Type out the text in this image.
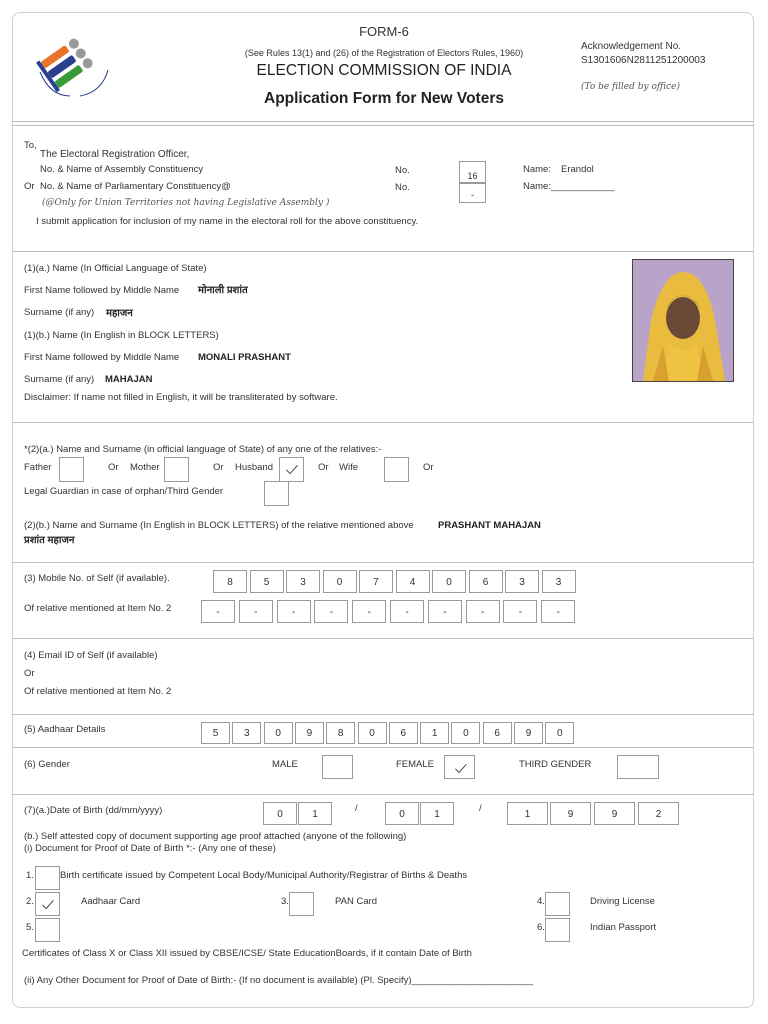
FORM-6
(See Rules 13(1) and (26) of the Registration of Electors Rules, 1960)
ELECTION COMMISSION OF INDIA
Application Form for New Voters
Acknowledgement No.
S1301606N2811251200003
(To be filled by office)
To,
The Electoral Registration Officer,
No. & Name of Assembly Constituency
Or No. & Name of Parliamentary Constituency@
No.
No.
16
-
Name: Erandol
Name:____________
(@Only for Union Territories not having Legislative Assembly )
I submit application for inclusion of my name in the electoral roll for the above constituency.
(1)(a.) Name (In Official Language of State)
First Name followed by Middle Name मोनाली प्रशांत
Surname (if any) महाजन
(1)(b.) Name (In English in BLOCK LETTERS)
First Name followed by Middle Name MONALI PRASHANT
Surname (if any) MAHAJAN
Disclaimer: If name not filled in English, it will be transliterated by software.
*(2)(a.) Name and Surname (in official language of State) of any one of the relatives:-
Father	Or Mother	Or Husband	Or Wife	Or
Legal Guardian in case of orphan/Third Gender
(2)(b.) Name and Surname (In English in BLOCK LETTERS) of the relative mentioned above	PRASHANT MAHAJAN
प्रशांत महाजन
(3) Mobile No. of Self (if available).	8	5	3	0	7	4	0	6	3	3
Of relative mentioned at Item No. 2	-	-	-	-	-	-	-	-	-	-
(4) Email ID of Self (if available)
Or
Of relative mentioned at Item No. 2
(5) Aadhaar Details	5	3	0	9	8	0	6	1	0	6	9	0
(6) Gender	MALE	FEMALE	THIRD GENDER
(7)(a.)Date of Birth (dd/mm/yyyy)	0	1	0	1	1	9	9	2
/	/
(b.) Self attested copy of document supporting age proof attached (anyone of the following)
(i) Document for Proof of Date of Birth *:- (Any one of these)
1.	Birth certificate issued by Competent Local Body/Municipal Authority/Registrar of Births & Deaths
2.	Aadhaar Card	3.	PAN Card	4.	Driving License
5.	6.	Indian Passport
Certificates of Class X or Class XII issued by CBSE/ICSE/ State EducationBoards, if it contain Date of Birth
(ii) Any Other Document for Proof of Date of Birth:- (If no document is available) (Pl. Specify)_______________________
